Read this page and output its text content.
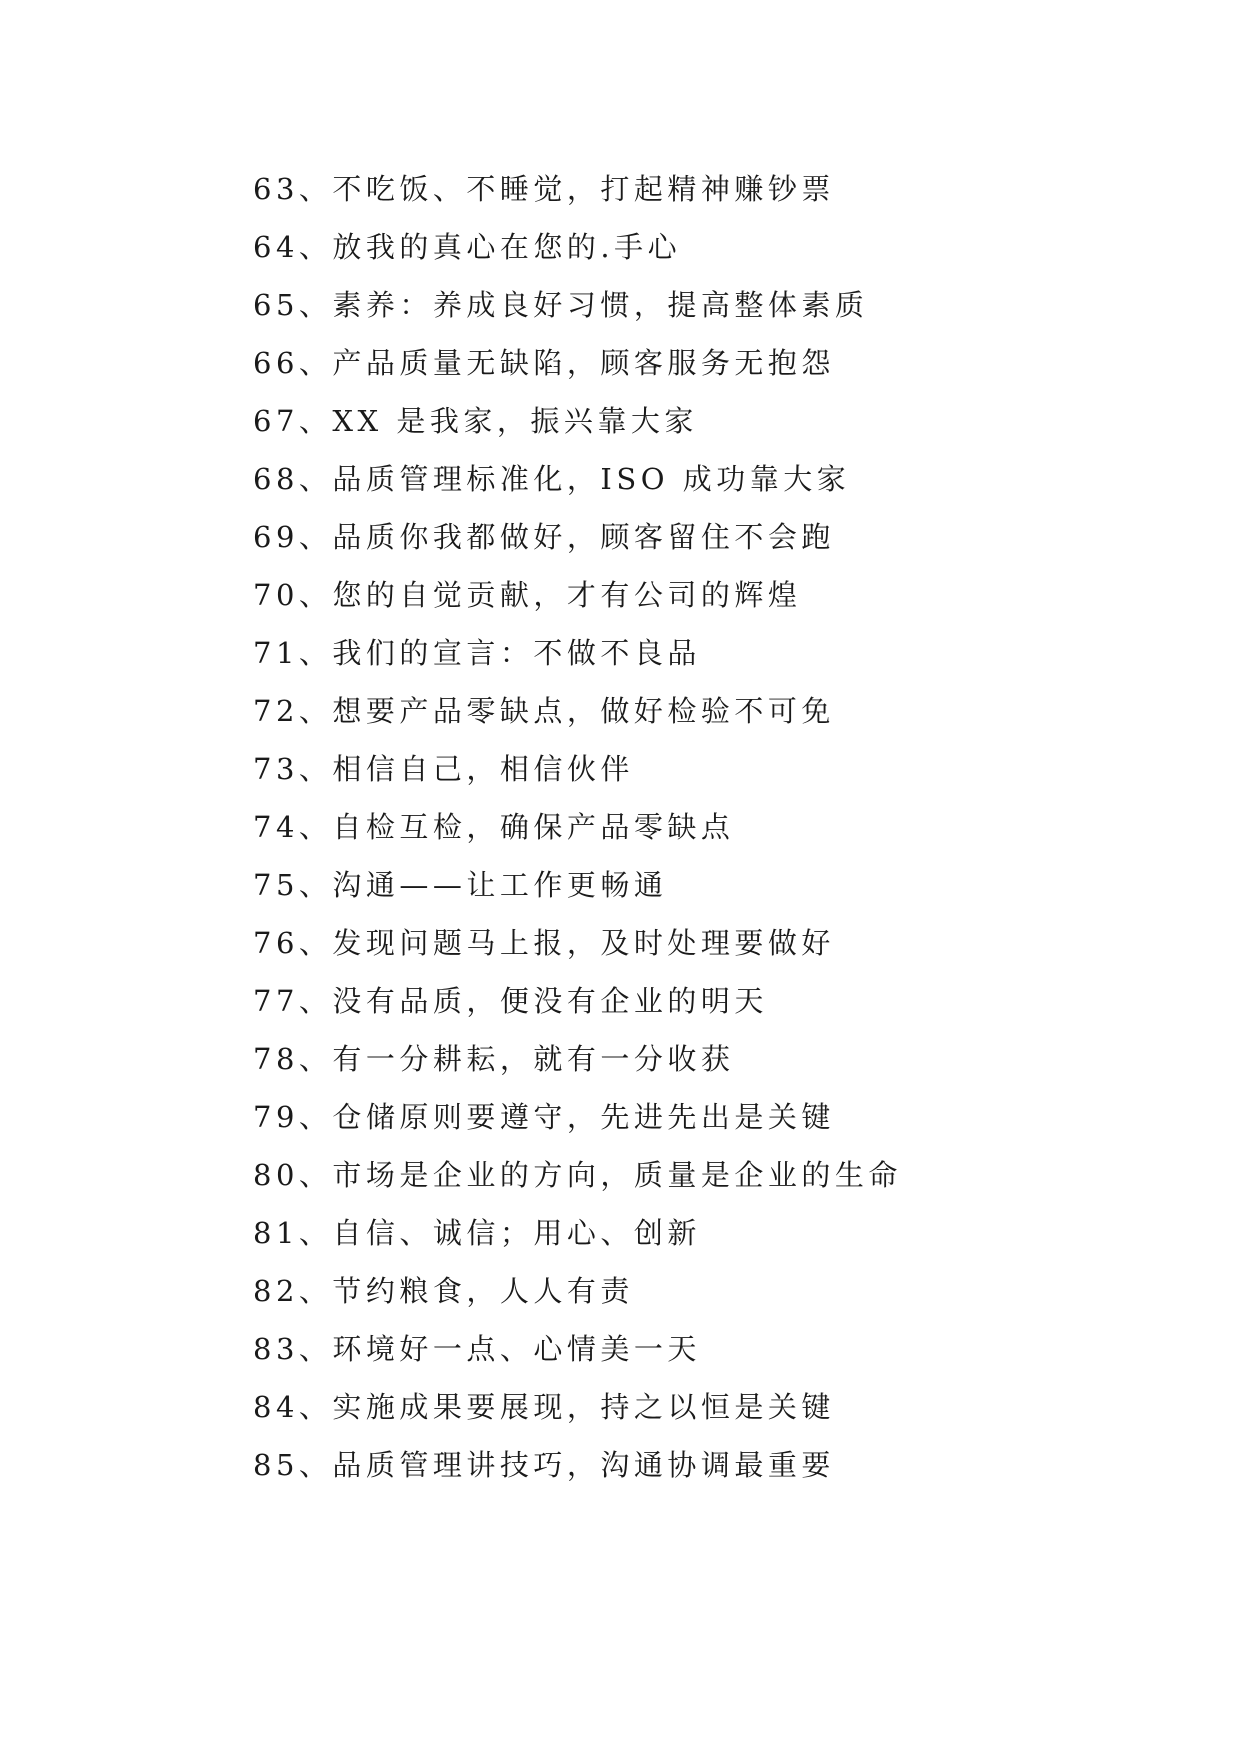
63、不吃饭、不睡觉，打起精神赚钞票
64、放我的真心在您的.手心
65、素养：养成良好习惯，提高整体素质
66、产品质量无缺陷，顾客服务无抱怨
67、XX 是我家，振兴靠大家
68、品质管理标准化，ISO 成功靠大家
69、品质你我都做好，顾客留住不会跑
70、您的自觉贡献，才有公司的辉煌
71、我们的宣言：不做不良品
72、想要产品零缺点，做好检验不可免
73、相信自己，相信伙伴
74、自检互检，确保产品零缺点
75、沟通——让工作更畅通
76、发现问题马上报，及时处理要做好
77、没有品质，便没有企业的明天
78、有一分耕耘，就有一分收获
79、仓储原则要遵守，先进先出是关键
80、市场是企业的方向，质量是企业的生命
81、自信、诚信；用心、创新
82、节约粮食，人人有责
83、环境好一点、心情美一天
84、实施成果要展现，持之以恒是关键
85、品质管理讲技巧，沟通协调最重要
